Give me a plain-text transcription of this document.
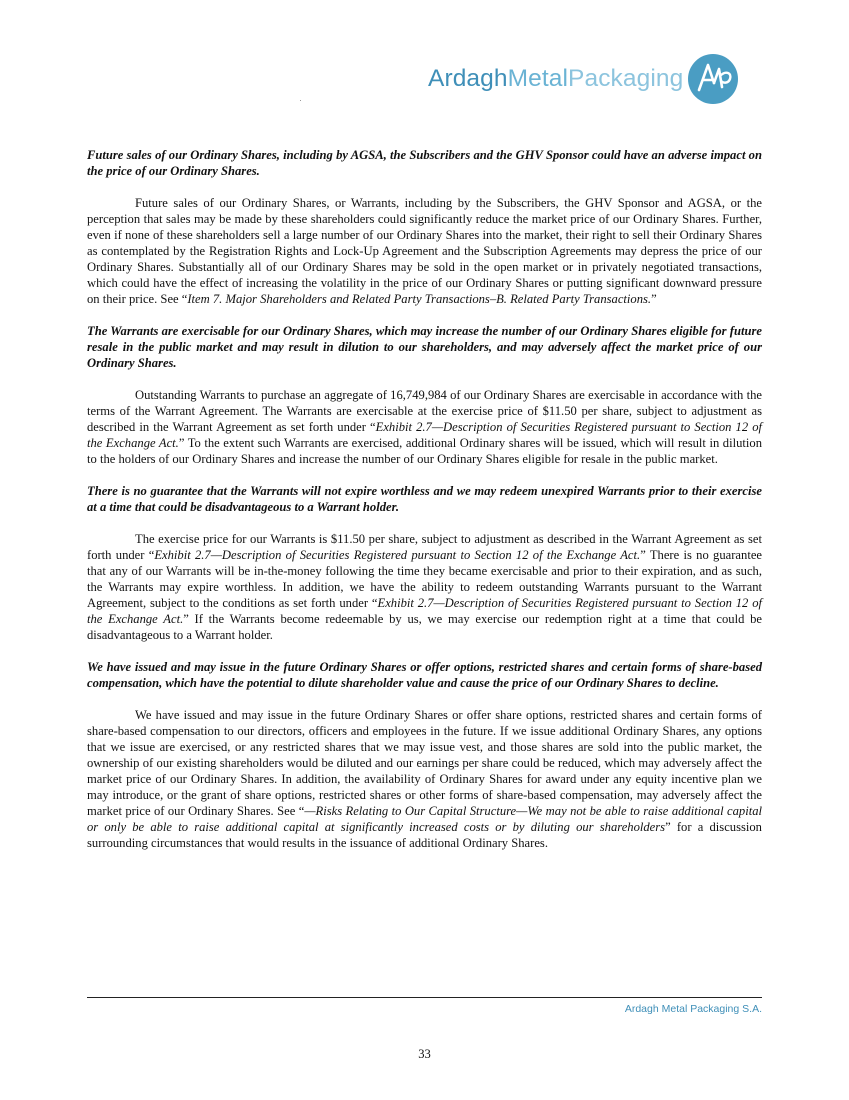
ArdaghMetalPackaging

Future sales of our Ordinary Shares, including by AGSA, the Subscribers and the GHV Sponsor could have an adverse impact on the price of our Ordinary Shares.

Future sales of our Ordinary Shares, or Warrants, including by the Subscribers, the GHV Sponsor and AGSA, or the perception that sales may be made by these shareholders could significantly reduce the market price of our Ordinary Shares. Further, even if none of these shareholders sell a large number of our Ordinary Shares into the market, their right to sell their Ordinary Shares as contemplated by the Registration Rights and Lock-Up Agreement and the Subscription Agreements may depress the price of our Ordinary Shares. Substantially all of our Ordinary Shares may be sold in the open market or in privately negotiated transactions, which could have the effect of increasing the volatility in the price of our Ordinary Shares or putting significant downward pressure on their price. See “Item 7. Major Shareholders and Related Party Transactions–B. Related Party Transactions.”

The Warrants are exercisable for our Ordinary Shares, which may increase the number of our Ordinary Shares eligible for future resale in the public market and may result in dilution to our shareholders, and may adversely affect the market price of our Ordinary Shares.

Outstanding Warrants to purchase an aggregate of 16,749,984 of our Ordinary Shares are exercisable in accordance with the terms of the Warrant Agreement. The Warrants are exercisable at the exercise price of $11.50 per share, subject to adjustment as described in the Warrant Agreement as set forth under “Exhibit 2.7—Description of Securities Registered pursuant to Section 12 of the Exchange Act.” To the extent such Warrants are exercised, additional Ordinary shares will be issued, which will result in dilution to the holders of our Ordinary Shares and increase the number of our Ordinary Shares eligible for resale in the public market.

There is no guarantee that the Warrants will not expire worthless and we may redeem unexpired Warrants prior to their exercise at a time that could be disadvantageous to a Warrant holder.

The exercise price for our Warrants is $11.50 per share, subject to adjustment as described in the Warrant Agreement as set forth under “Exhibit 2.7—Description of Securities Registered pursuant to Section 12 of the Exchange Act.” There is no guarantee that any of our Warrants will be in-the-money following the time they became exercisable and prior to their expiration, and as such, the Warrants may expire worthless. In addition, we have the ability to redeem outstanding Warrants pursuant to the Warrant Agreement, subject to the conditions as set forth under “Exhibit 2.7—Description of Securities Registered pursuant to Section 12 of the Exchange Act.” If the Warrants become redeemable by us, we may exercise our redemption right at a time that could be disadvantageous to a Warrant holder.

We have issued and may issue in the future Ordinary Shares or offer options, restricted shares and certain forms of share-based compensation, which have the potential to dilute shareholder value and cause the price of our Ordinary Shares to decline.

We have issued and may issue in the future Ordinary Shares or offer share options, restricted shares and certain forms of share-based compensation to our directors, officers and employees in the future. If we issue additional Ordinary Shares, any options that we issue are exercised, or any restricted shares that we may issue vest, and those shares are sold into the public market, the ownership of our existing shareholders would be diluted and our earnings per share could be reduced, which may adversely affect the market price of our Ordinary Shares. In addition, the availability of Ordinary Shares for award under any equity incentive plan we may introduce, or the grant of share options, restricted shares or other forms of share-based compensation, may adversely affect the market price of our Ordinary Shares. See “—Risks Relating to Our Capital Structure—We may not be able to raise additional capital or only be able to raise additional capital at significantly increased costs or by diluting our shareholders” for a discussion surrounding circumstances that would results in the issuance of additional Ordinary Shares.

Ardagh Metal Packaging S.A.
33
